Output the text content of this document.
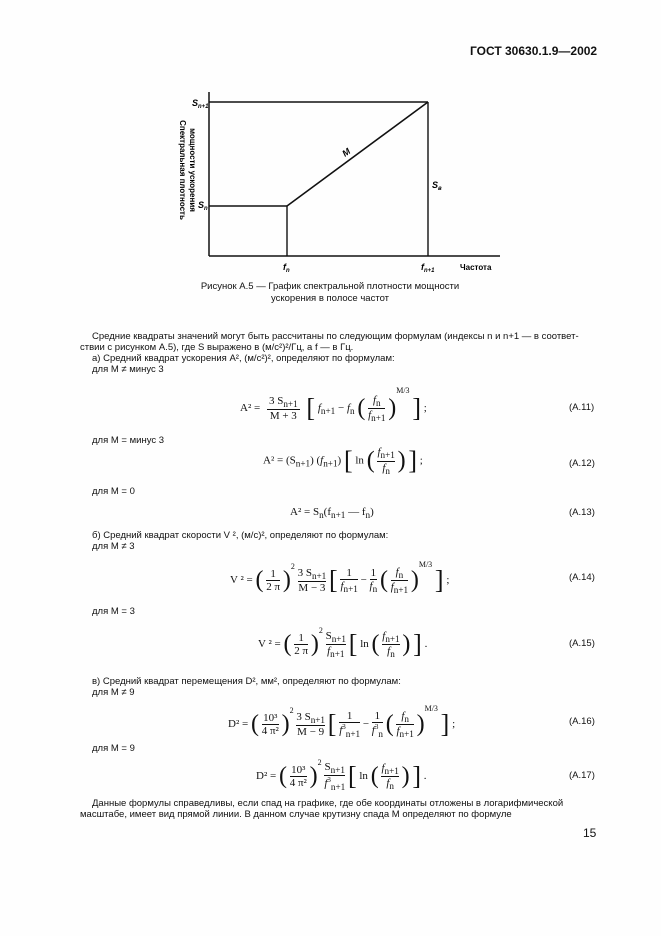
ГОСТ 30630.1.9—2002
Спектральная плотность мощности ускорения
$S_{n+1}$
$S_n$
M
$S_в$
$f_n$	$f_{n+1}$	Частота
Рисунок А.5 — График спектральной плотности мощности
ускорения в полосе частот
Средние квадраты значений могут быть рассчитаны по следующим формулам (индексы n и n+1 — в соответ-
ствии с рисунком А.5), где S выражено в (м/с²)²/Гц, а f — в Гц.
а) Средний квадрат ускорения A², (м/с²)², определяют по формулам:
для M ≠ минус 3
$A^2 = \frac{3 S_{n+1}}{M + 3}$ [ $f_{n+1} - f_n$ ( $\frac{f_n}{f_{n+1}} )^{M/3}$ ] ;	(А.11)
для M = минус 3
$A^2 = (S_{n+1})$ $(f_{n+1})$ [ ln ( $\frac{f_{n+1}}{f_n}$ ) ] ;	(А.12)
для M = 0
$A^2 = S_n(f_{n+1}$ — $f_n$)	(А.13)
б) Средний квадрат скорости V ², (м/с)², определяют по формулам:
для M ≠ 3
V ² = ( $\frac{1}{2 \pi} )^2$
$\frac{3 S_{n+1}}{M - 3}$ [ $\frac{1}{f_{n+1}} - \frac{1}{f_n}$ ( $\frac{f_n}{f_{n+1}} )^{M/3}$ ] ;	(А.14)
для M = 3
V ² = ( $\frac{1}{2 \pi} )^2 \frac{S_{n+1}}{f_{n+1}}$ [ ln ( $\frac{f_{n+1}}{f_n}$ ) ] .	(А.15)
в) Средний квадрат перемещения D², мм², определяют по формулам:
для M ≠ 9
D² = ( $\frac{\text{10³}}{\text{4 π²}} )^2$
$\frac{3 S_{n+1}}{M - 9}$ [ $\frac{1}{f^3_{n+1}} - \frac{1}{f^3_n}$ ( $\frac{f_n}{f_{n+1}} )^{M/3}$ ] ;	(А.16)
для M = 9
D² = ( $\frac{\text{10³}}{\text{4 π²}} )^2 \frac{S_{n+1}}{f^3_{n+1}}$ [ ln ( $\frac{f_{n+1}}{f_n}$ ) ] .	(А.17)
Данные формулы справедливы, если спад на графике, где обе координаты отложены в логарифмической
масштабе, имеет вид прямой линии. В данном случае крутизну спада M определяют по формуле
15
